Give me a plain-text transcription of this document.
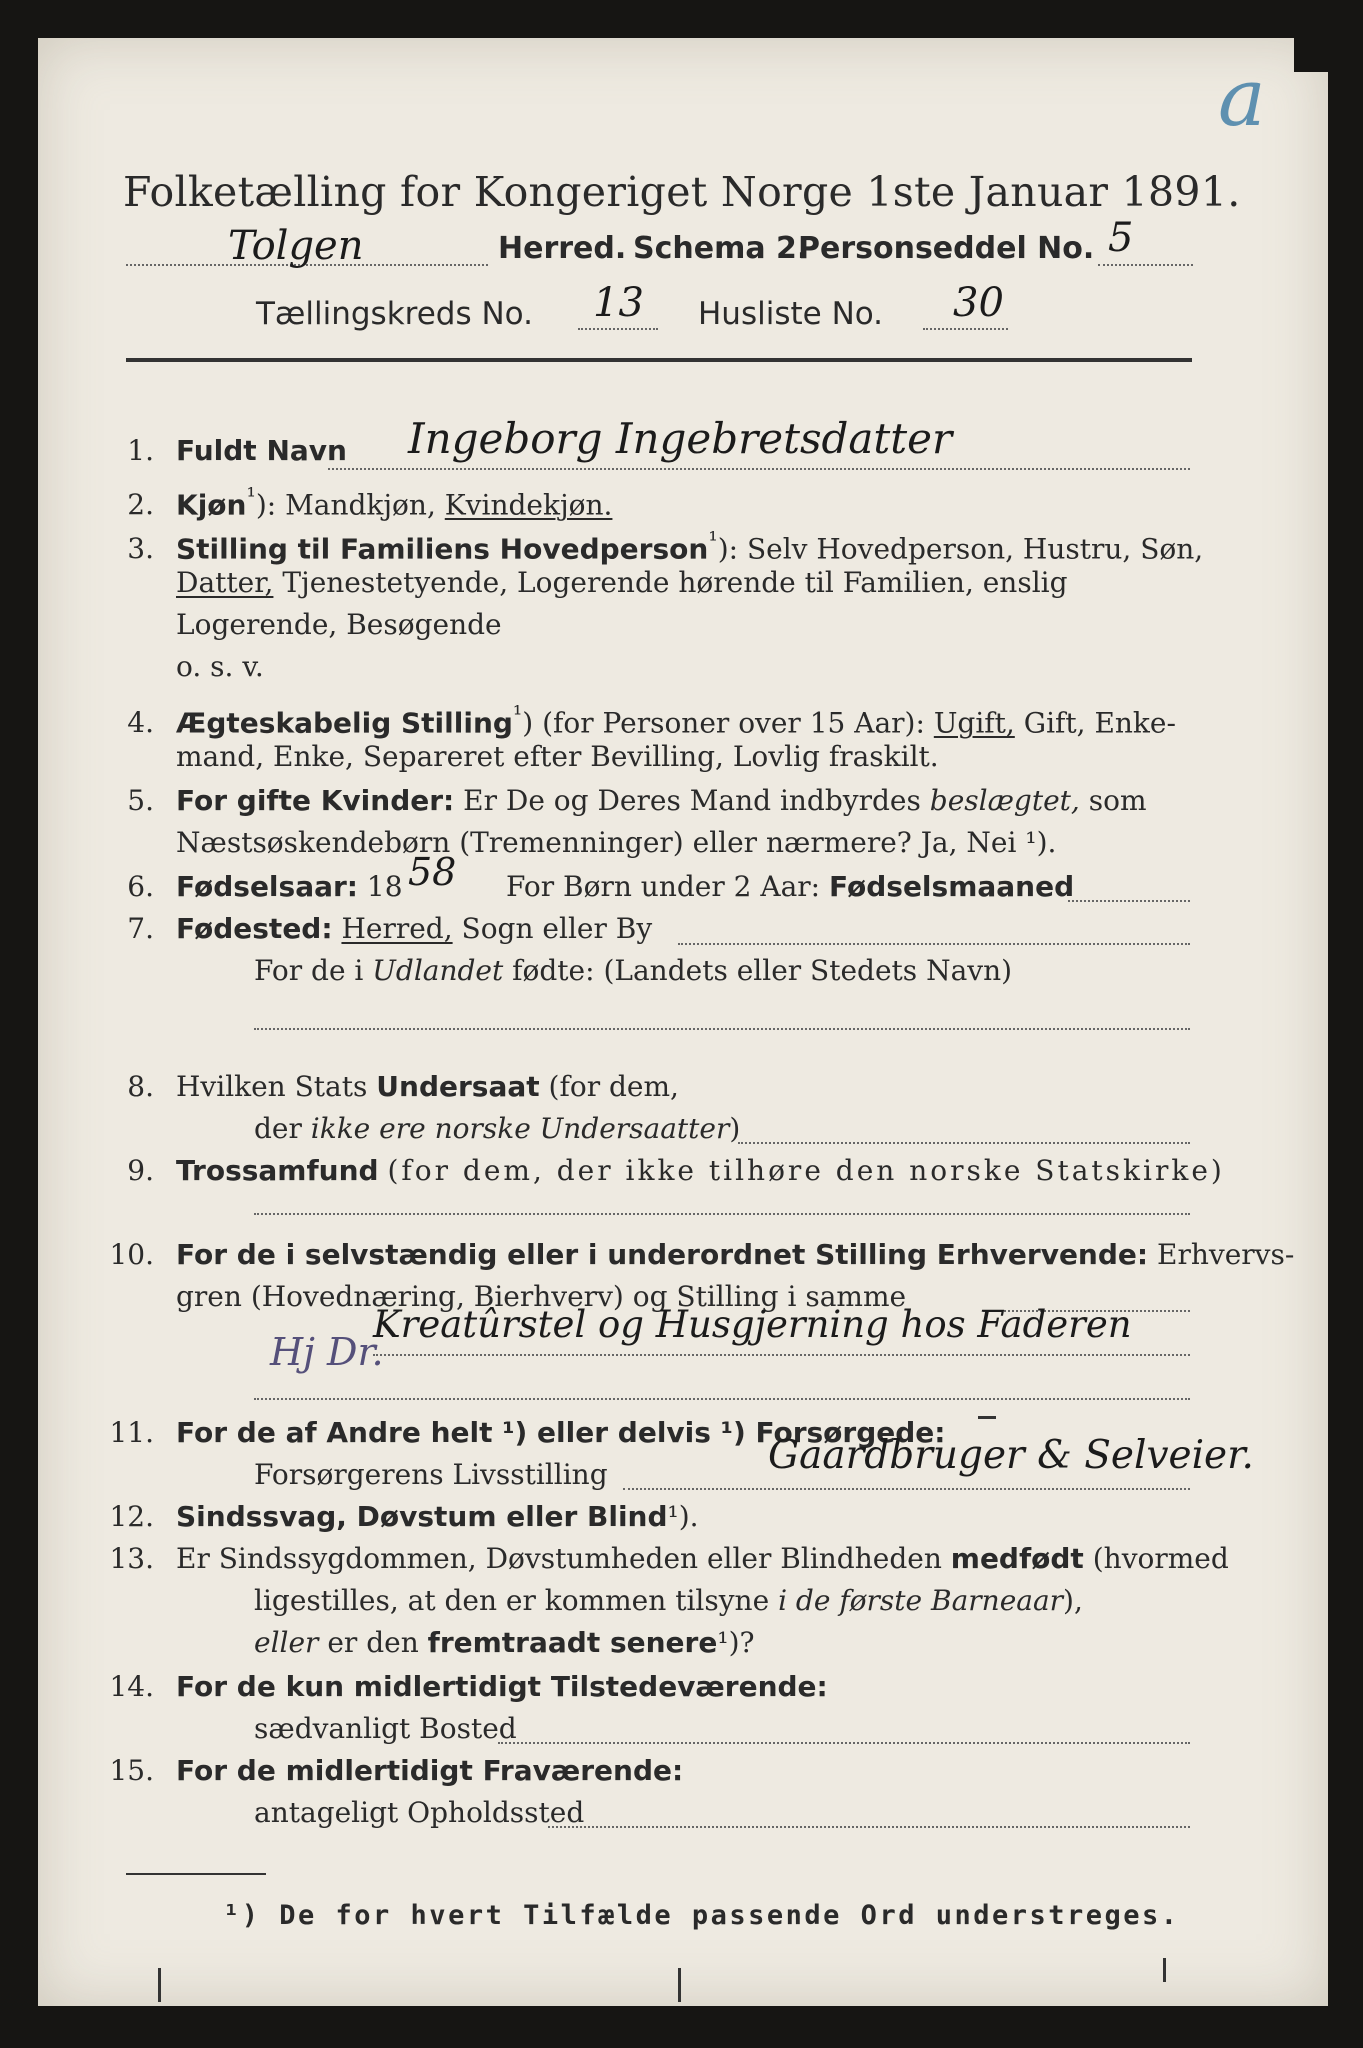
a
Folketælling for Kongeriget Norge 1ste Januar 1891.
Tolgen	Herred. Schema 2.
Personseddel No. 5
Tællingskreds No. 13 Husliste No. 30
1. Fuldt Navn Ingeborg Ingebretsdatter
2. Kjøn$^{^1}$): Mandkjøn, Kvindekjøn.
3. Stilling til Familiens Hovedperson$^{^1}$): Selv Hovedperson, Hustru, Søn,
Datter, Tjenestetyende, Logerende hørende til Familien, enslig
Logerende, Besøgende
o. s. v.
4. Ægteskabelig Stilling$^{^1}$) (for Personer over 15 Aar): Ugift, Gift, Enke-
mand, Enke, Separeret efter Bevilling, Lovlig fraskilt.
5. For gifte Kvinder: Er De og Deres Mand indbyrdes beslægtet, som
Næstsøskendebørn (Tremenninger) eller nærmere? Ja, Nei ¹).
6. Fødselsaar: 18 58 For Børn under 2 Aar: Fødselsmaaned
7. Fødested: Herred, Sogn eller By
For de i Udlandet fødte: (Landets eller Stedets Navn)
8. Hvilken Stats Undersaat (for dem,
der ikke ere norske Undersaatter)
9. Trossamfund (for dem, der ikke tilhøre den norske Statskirke)
10. For de i selvstændig eller i underordnet Stilling Erhvervende: Erhvervs-
gren (Hovednæring, Bierhverv) og Stilling i samme
Kreatûrstel og Husgjerning hos Faderen
Hj Dr.
11. For de af Andre helt ¹) eller delvis ¹) Forsørgede:
Forsørgerens Livsstilling	Gaardbruger & Selveier.
12. Sindssvag, Døvstum eller Blind¹).
13. Er Sindssygdommen, Døvstumheden eller Blindheden medfødt (hvormed
ligestilles, at den er kommen tilsyne i de første Barneaar),
eller er den fremtraadt senere¹)?
14. For de kun midlertidigt Tilstedeværende:
sædvanligt Bosted
15. For de midlertidigt Fraværende:
antageligt Opholdssted
¹) De for hvert Tilfælde passende Ord understreges.
